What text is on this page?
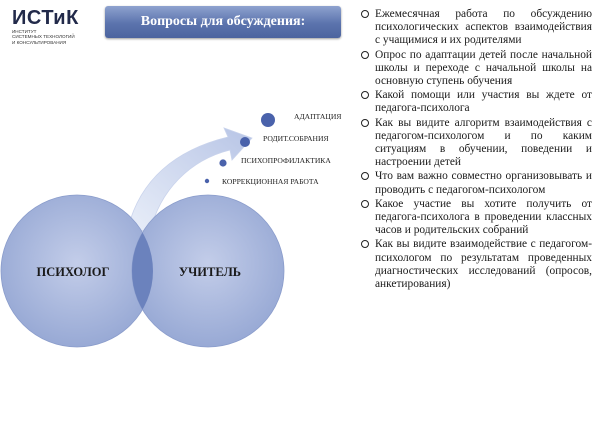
ИСТиК
ИНСТИТУТ
СИСТЕМНЫХ ТЕХНОЛОГИЙ
И КОНСУЛЬТИРОВАНИЯ
Вопросы для обсуждения:
ПСИХОЛОГ	УЧИТЕЛЬ
АДАПТАЦИЯ
РОДИТ.СОБРАНИЯ
ПСИХОПРОФИЛАКТИКА
КОРРЕКЦИОННАЯ РАБОТА
Ежемесячная работа по обсуждению психологических аспектов взаимодействия с учащимися и их родителями
Опрос по адаптации детей после начальной школы и переходе с начальной школы на основную ступень обучения
Какой помощи или участия вы ждете от педагога-психолога
Как вы видите алгоритм взаимодействия с педагогом-психологом и по каким ситуациям в обучении, поведении и настроении детей
Что вам важно совместно организовывать и проводить с педагогом-психологом
Какое участие вы хотите получить от педагога-психолога в проведении классных часов и родительских собраний
Как вы видите взаимодействие с педагогом-психологом по результатам проведенных диагностических исследований (опросов, анкетирования)
